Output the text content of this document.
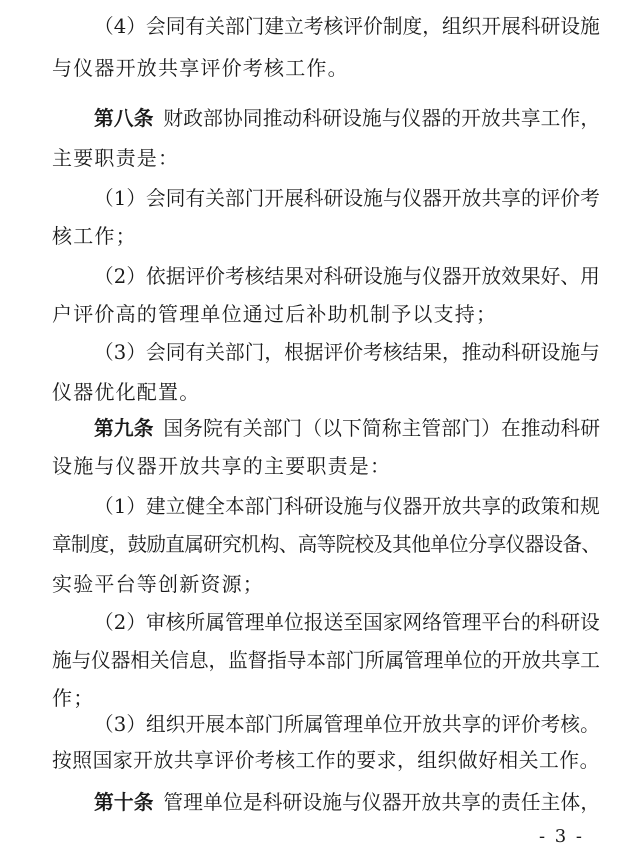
（4）会同有关部门建立考核评价制度，组织开展科研设施
与仪器开放共享评价考核工作。
第八条 财政部协同推动科研设施与仪器的开放共享工作，
主要职责是：
（1）会同有关部门开展科研设施与仪器开放共享的评价考
核工作；
（2）依据评价考核结果对科研设施与仪器开放效果好、用
户评价高的管理单位通过后补助机制予以支持；
（3）会同有关部门，根据评价考核结果，推动科研设施与
仪器优化配置。
第九条 国务院有关部门（以下简称主管部门）在推动科研
设施与仪器开放共享的主要职责是：
（1）建立健全本部门科研设施与仪器开放共享的政策和规
章制度，鼓励直属研究机构、高等院校及其他单位分享仪器设备、
实验平台等创新资源；
（2）审核所属管理单位报送至国家网络管理平台的科研设
施与仪器相关信息，监督指导本部门所属管理单位的开放共享工
作；
（3）组织开展本部门所属管理单位开放共享的评价考核。
按照国家开放共享评价考核工作的要求，组织做好相关工作。
第十条 管理单位是科研设施与仪器开放共享的责任主体，
- 3 -
